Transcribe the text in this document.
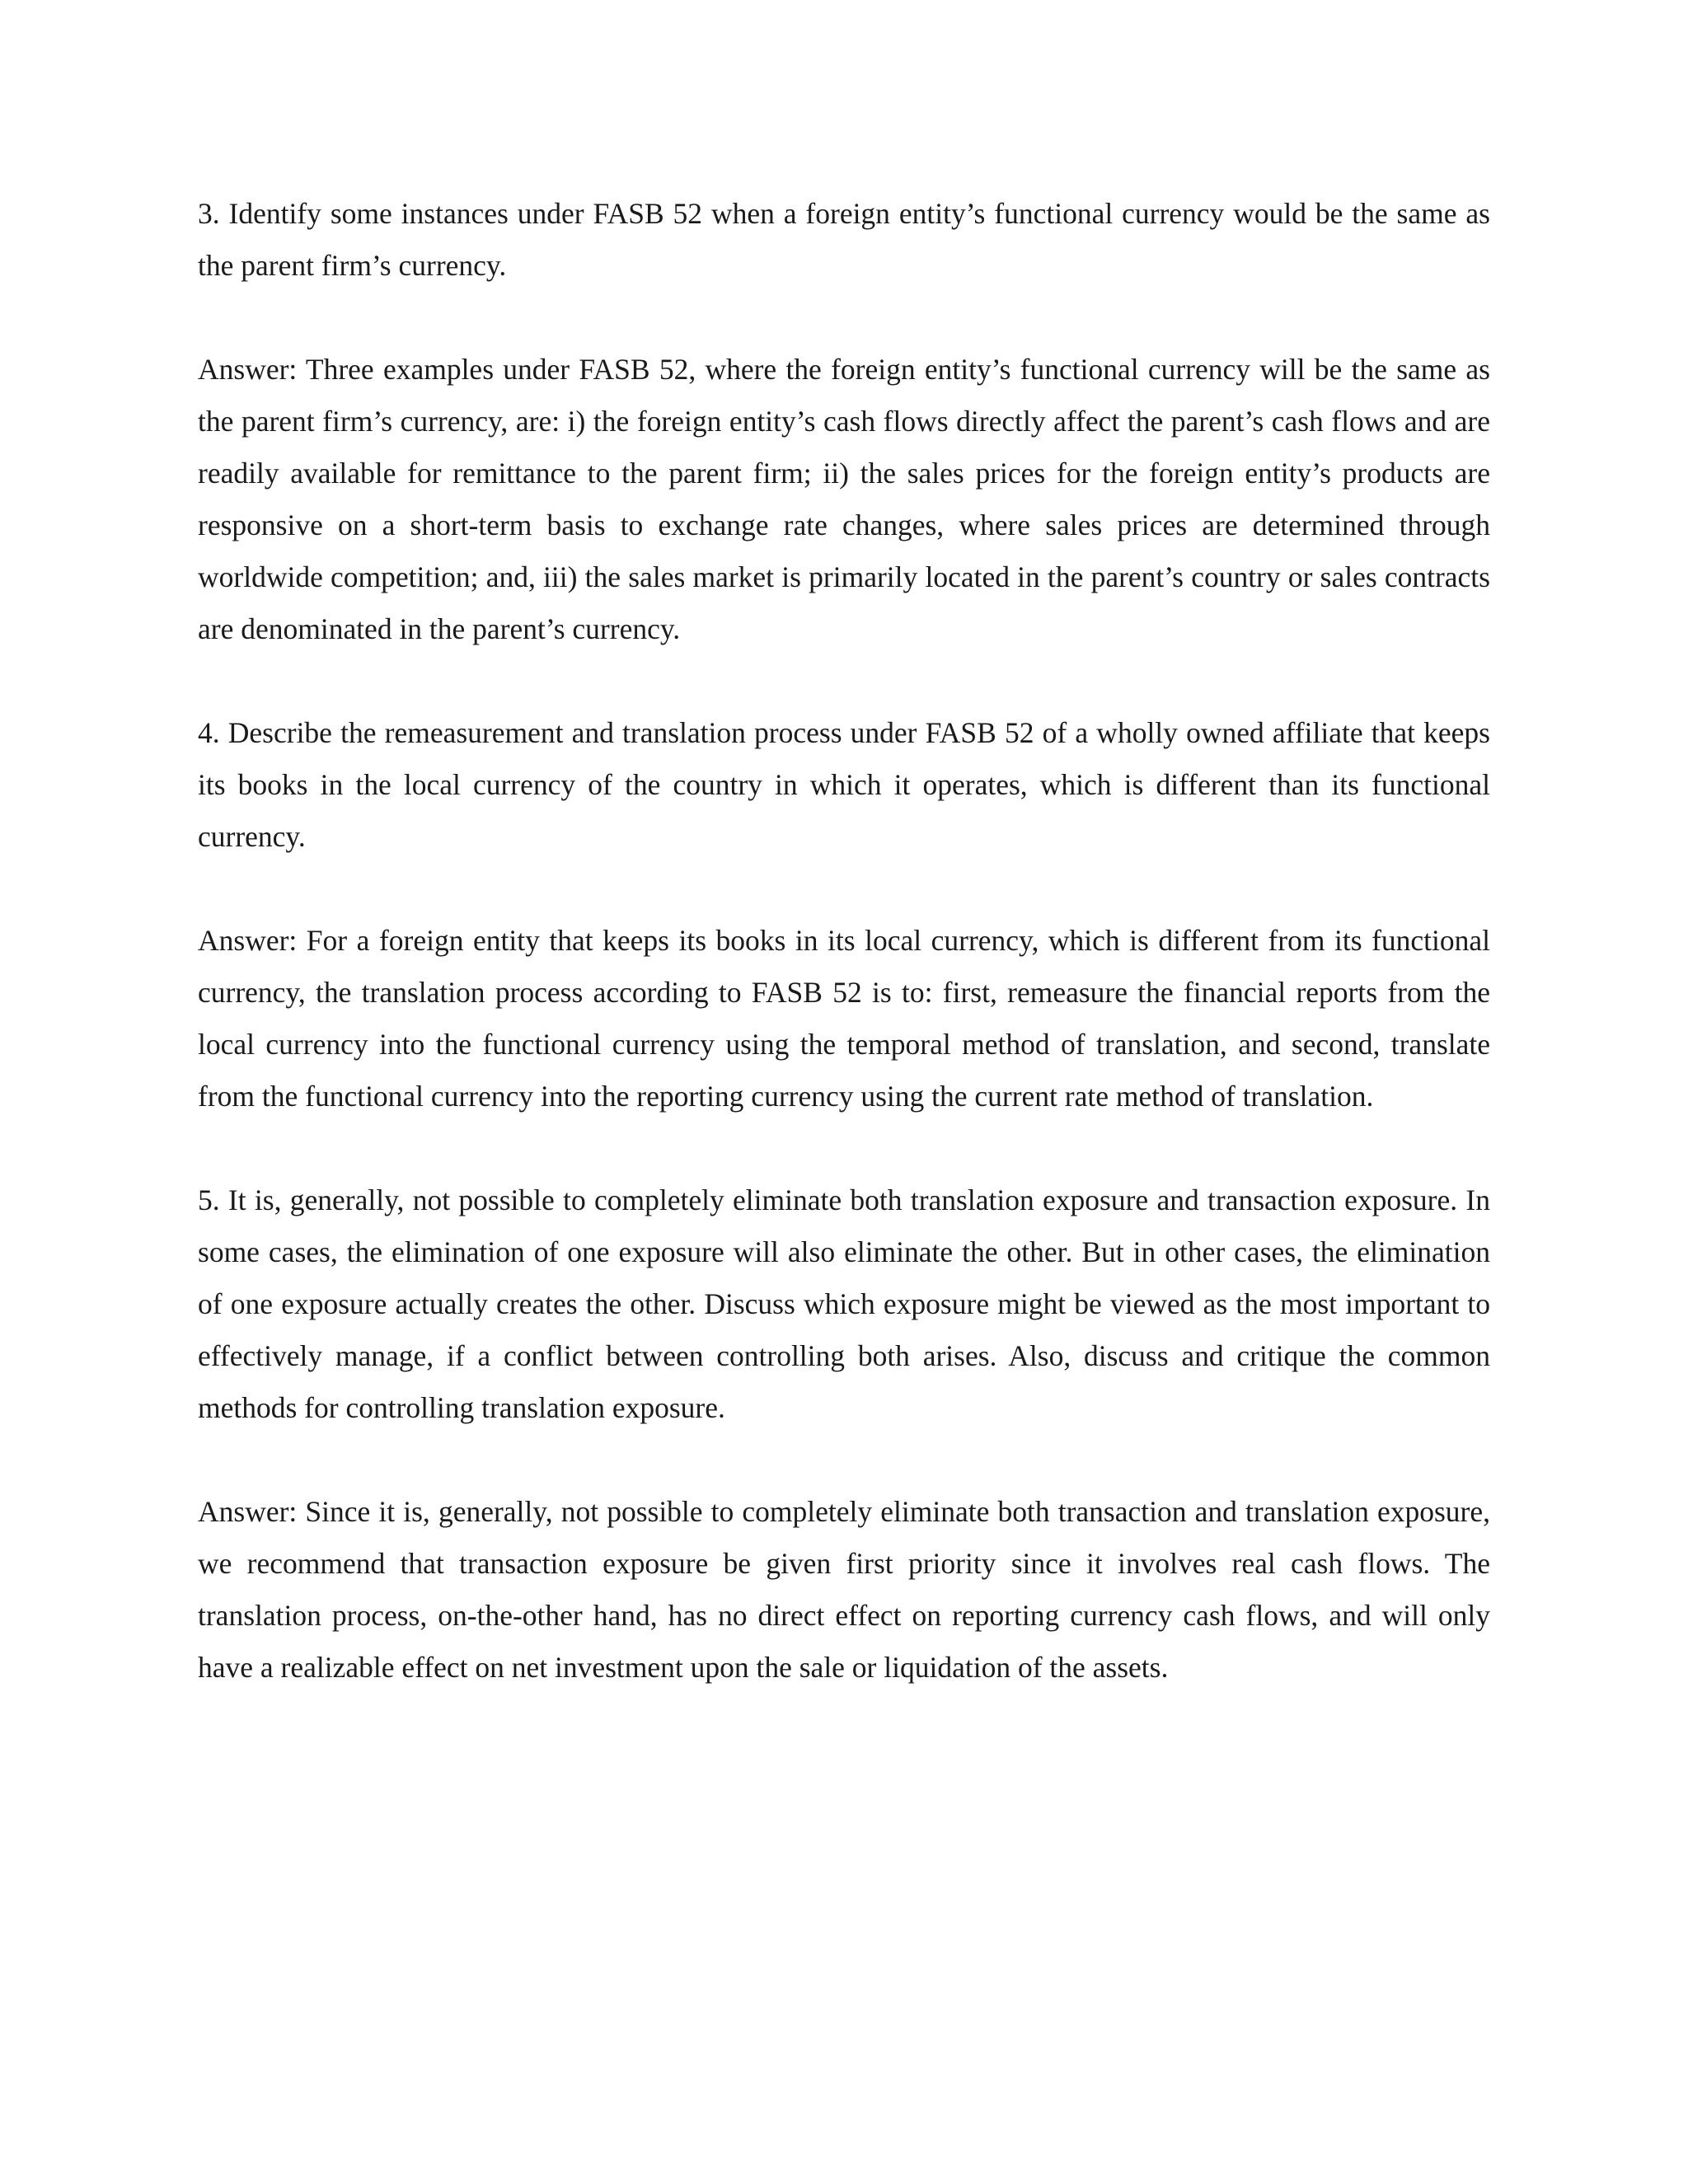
3. Identify some instances under FASB 52 when a foreign entity’s functional currency would be the same as the parent firm’s currency.

Answer: Three examples under FASB 52, where the foreign entity’s functional currency will be the same as the parent firm’s currency, are: i) the foreign entity’s cash flows directly affect the parent’s cash flows and are readily available for remittance to the parent firm; ii) the sales prices for the foreign entity’s products are responsive on a short-term basis to exchange rate changes, where sales prices are determined through worldwide competition; and, iii) the sales market is primarily located in the parent’s country or sales contracts are denominated in the parent’s currency.

4. Describe the remeasurement and translation process under FASB 52 of a wholly owned affiliate that keeps its books in the local currency of the country in which it operates, which is different than its functional currency.

Answer: For a foreign entity that keeps its books in its local currency, which is different from its functional currency, the translation process according to FASB 52 is to: first, remeasure the financial reports from the local currency into the functional currency using the temporal method of translation, and second, translate from the functional currency into the reporting currency using the current rate method of translation.

5. It is, generally, not possible to completely eliminate both translation exposure and transaction exposure. In some cases, the elimination of one exposure will also eliminate the other. But in other cases, the elimination of one exposure actually creates the other. Discuss which exposure might be viewed as the most important to effectively manage, if a conflict between controlling both arises. Also, discuss and critique the common methods for controlling translation exposure.

Answer: Since it is, generally, not possible to completely eliminate both transaction and translation exposure, we recommend that transaction exposure be given first priority since it involves real cash flows. The translation process, on-the-other hand, has no direct effect on reporting currency cash flows, and will only have a realizable effect on net investment upon the sale or liquidation of the assets.
